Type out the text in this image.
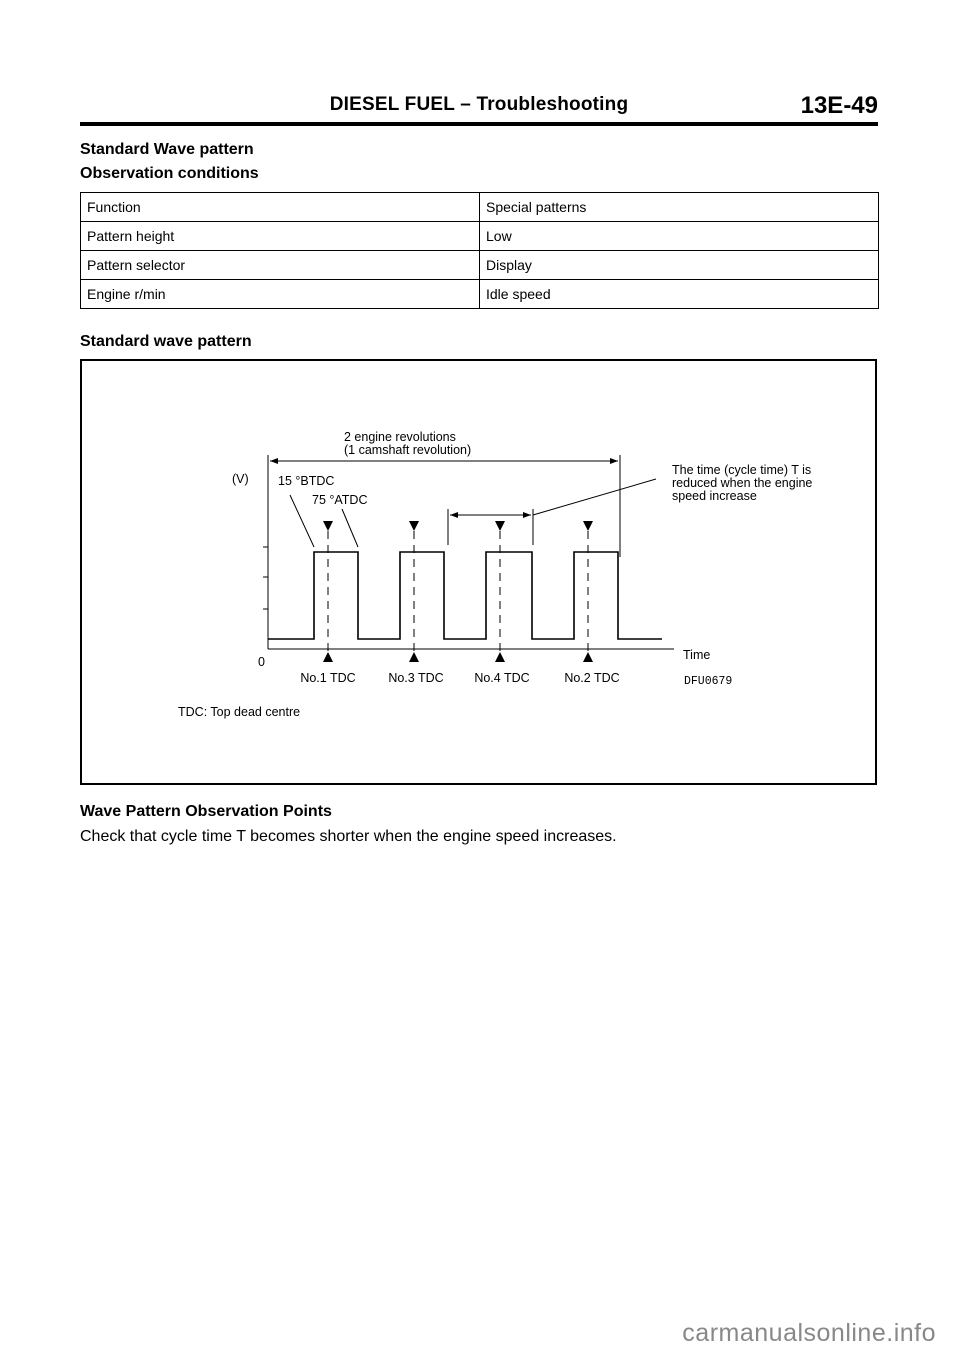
DIESEL FUEL – Troubleshooting	13E-49
Standard Wave pattern
Observation conditions
Function	Special patterns
Pattern height	Low
Pattern selector	Display
Engine r/min	Idle speed
Standard wave pattern
2 engine revolutions
(1 camshaft revolution)
(V)
0	Time
15 °BTDC
75 °ATDC
The time (cycle time) T is
reduced when the engine
speed increase
No.1 TDC	No.3 TDC No.4 TDC	No.2 TDC	DFU0679
TDC: Top dead centre
Wave Pattern Observation Points
Check that cycle time T becomes shorter when the engine speed increases.
carmanualsonline.info
